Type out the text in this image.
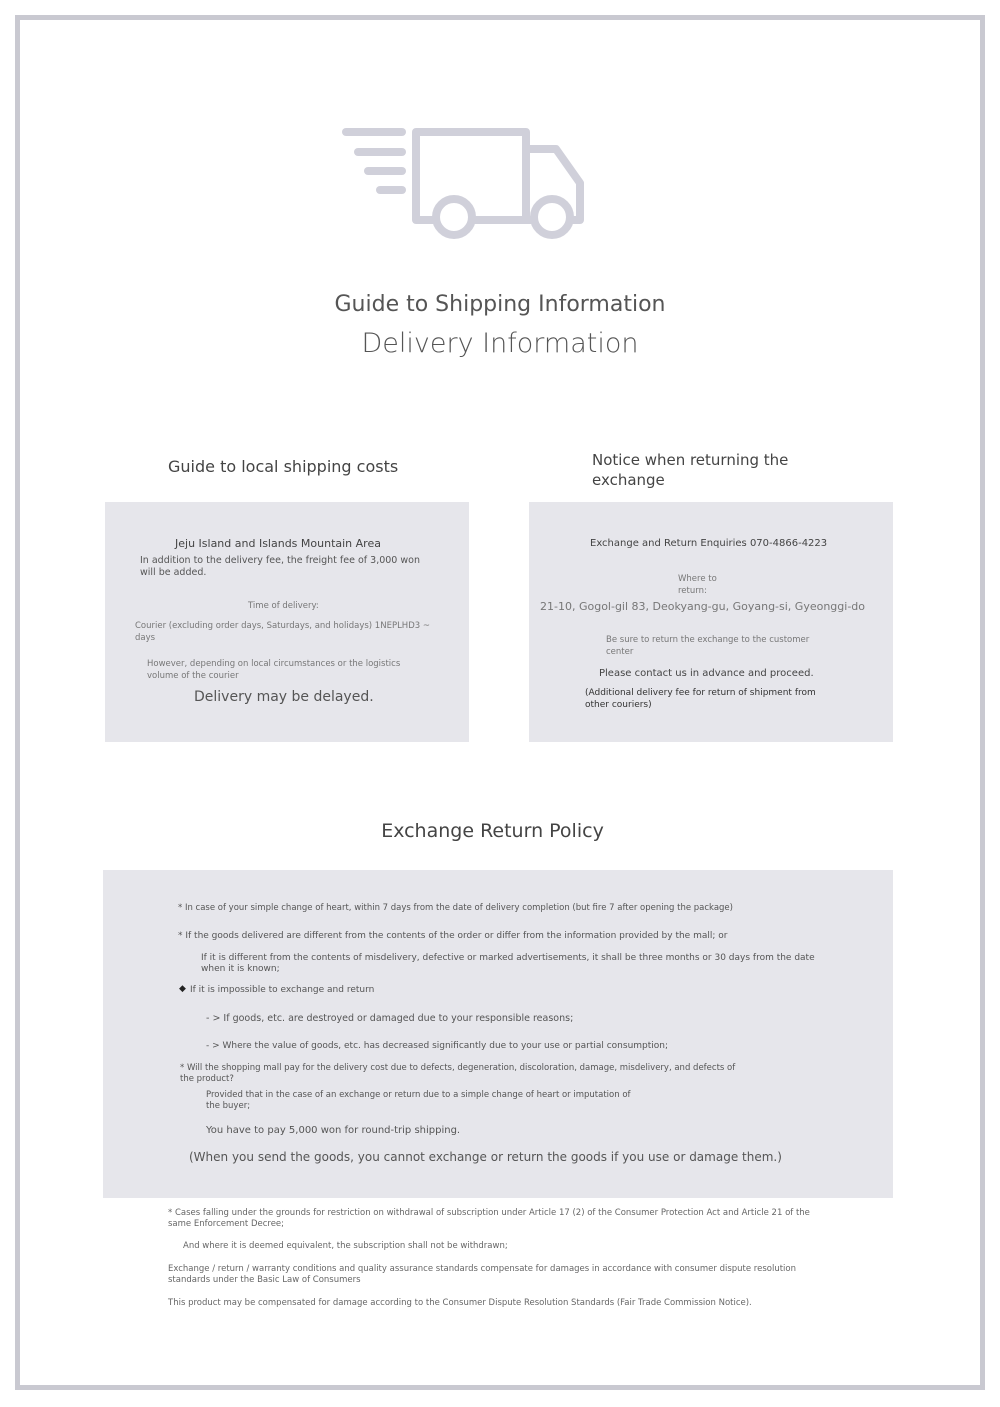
Guide to Shipping Information
Delivery Information
Guide to local shipping costs	Notice when returning the exchange
Jeju Island and Islands Mountain Area
In addition to the delivery fee, the freight fee of 3,000 won will be added.
Time of delivery:
Courier (excluding order days, Saturdays, and holidays) 1NEPLHD3 ~ days
However, depending on local circumstances or the logistics volume of the courier
Delivery may be delayed.
Exchange and Return Enquiries 070-4866-4223
Where to return:
21-10, Gogol-gil 83, Deokyang-gu, Goyang-si, Gyeonggi-do
Be sure to return the exchange to the customer center
Please contact us in advance and proceed.
(Additional delivery fee for return of shipment from other couriers)
Exchange Return Policy
* In case of your simple change of heart, within 7 days from the date of delivery completion (but fire 7 after opening the package)
* If the goods delivered are different from the contents of the order or differ from the information provided by the mall; or
If it is different from the contents of misdelivery, defective or marked advertisements, it shall be three months or 30 days from the date when it is known;
◆ If it is impossible to exchange and return
- > If goods, etc. are destroyed or damaged due to your responsible reasons;
- > Where the value of goods, etc. has decreased significantly due to your use or partial consumption;
* Will the shopping mall pay for the delivery cost due to defects, degeneration, discoloration, damage, misdelivery, and defects of the product?
Provided that in the case of an exchange or return due to a simple change of heart or imputation of the buyer;
You have to pay 5,000 won for round-trip shipping.
(When you send the goods, you cannot exchange or return the goods if you use or damage them.)
* Cases falling under the grounds for restriction on withdrawal of subscription under Article 17 (2) of the Consumer Protection Act and Article 21 of the same Enforcement Decree;
And where it is deemed equivalent, the subscription shall not be withdrawn;
Exchange / return / warranty conditions and quality assurance standards compensate for damages in accordance with consumer dispute resolution standards under the Basic Law of Consumers
This product may be compensated for damage according to the Consumer Dispute Resolution Standards (Fair Trade Commission Notice).
